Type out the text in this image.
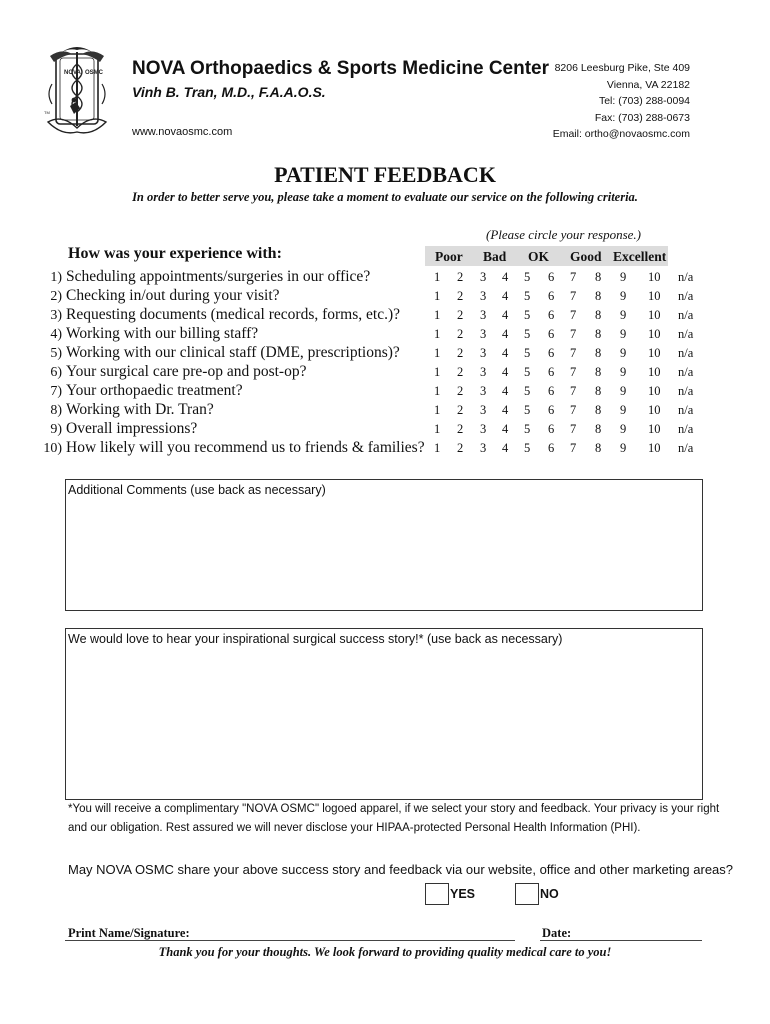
NOVA OSMC
TM
NOVA Orthopaedics & Sports Medicine Center
Vinh B. Tran, M.D., F.A.A.O.S.
www.novaosmc.com
8206 Leesburg Pike, Ste 409
Vienna, VA 22182
Tel: (703) 288-0094
Fax: (703) 288-0673
Email: ortho@novaosmc.com
PATIENT FEEDBACK
In order to better serve you, please take a moment to evaluate our service on the following criteria.
(Please circle your response.)
How was your experience with:	Poor Bad OK Good Excellent
1) Scheduling appointments/surgeries in our office?	1 2 3 4 5 6 7 8 9 10 n/a
2) Checking in/out during your visit?	1 2 3 4 5 6 7 8 9 10 n/a
3) Requesting documents (medical records, forms, etc.)?	1 2 3 4 5 6 7 8 9 10 n/a
4) Working with our billing staff?	1 2 3 4 5 6 7 8 9 10 n/a
5) Working with our clinical staff (DME, prescriptions)?	1 2 3 4 5 6 7 8 9 10 n/a
6) Your surgical care pre-op and post-op?	1 2 3 4 5 6 7 8 9 10 n/a
7) Your orthopaedic treatment?	1 2 3 4 5 6 7 8 9 10 n/a
8) Working with Dr. Tran?	1 2 3 4 5 6 7 8 9 10 n/a
9) Overall impressions?	1 2 3 4 5 6 7 8 9 10 n/a
10) How likely will you recommend us to friends & families? 1 2 3 4 5 6 7 8 9 10 n/a
Additional Comments (use back as necessary)
We would love to hear your inspirational surgical success story!* (use back as necessary)
*You will receive a complimentary "NOVA OSMC" logoed apparel, if we select your story and feedback. Your privacy is your right and our obligation. Rest assured we will never disclose your HIPAA-protected Personal Health Information (PHI).
May NOVA OSMC share your above success story and feedback via our website, office and other marketing areas?
YES	NO
Print Name/Signature:	Date:
Thank you for your thoughts. We look forward to providing quality medical care to you!
